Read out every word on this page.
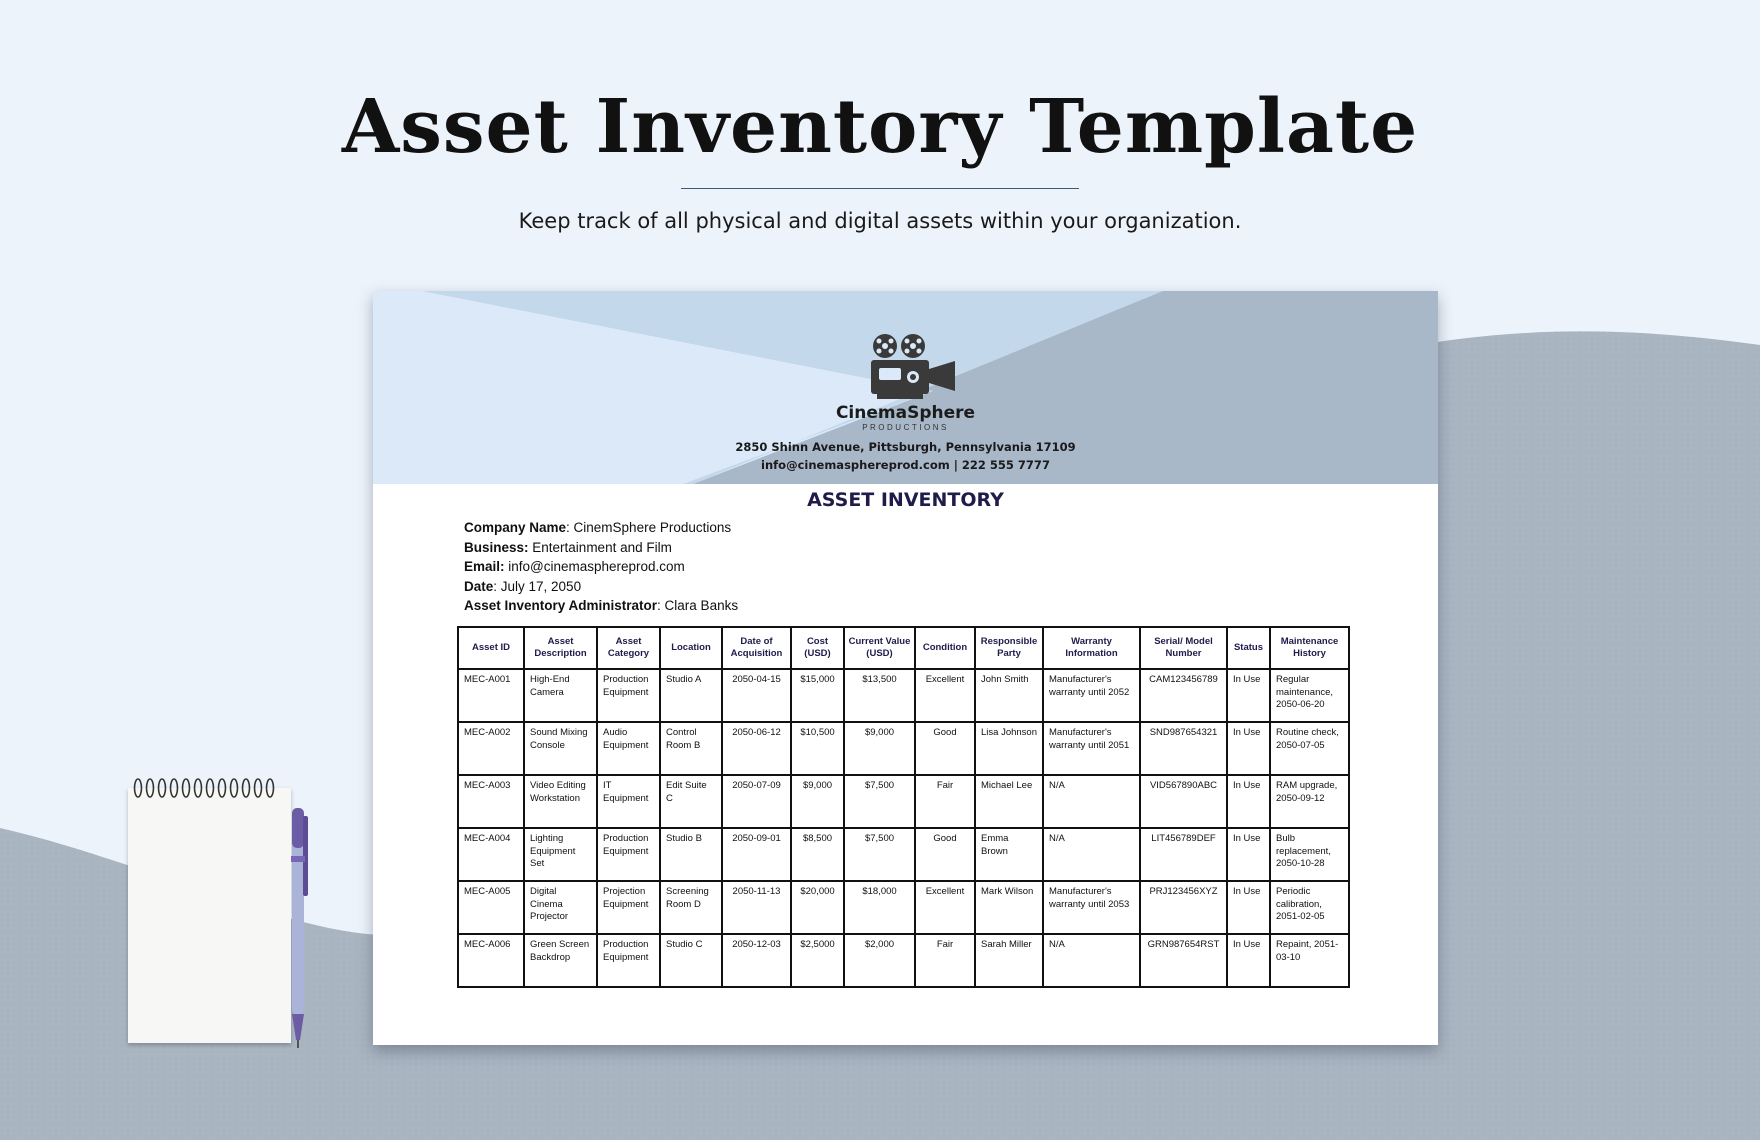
Asset Inventory Template
Keep track of all physical and digital assets within your organization.
CinemaSphere
PRODUCTIONS
2850 Shinn Avenue, Pittsburgh, Pennsylvania 17109
info@cinemasphereprod.com | 222 555 7777
ASSET INVENTORY
Company Name: CinemSphere Productions
Business: Entertainment and Film
Email: info@cinemasphereprod.com
Date: July 17, 2050
Asset Inventory Administrator: Clara Banks
Asset ID	Asset Description	Asset Category	Location	Date of Acquisition	Cost (USD)	Current Value (USD)	Condition	Responsible Party	Warranty Information	Serial/ Model Number	Status	Maintenance History
MEC-A001	High-End Camera	Production Equipment	Studio A	2050-04-15	$15,000	$13,500	Excellent	John Smith	Manufacturer's warranty until 2052	CAM123456789	In Use	Regular maintenance, 2050-06-20
MEC-A002	Sound Mixing Console	Audio Equipment	Control Room B	2050-06-12	$10,500	$9,000	Good	Lisa Johnson	Manufacturer's warranty until 2051	SND987654321	In Use	Routine check, 2050-07-05
MEC-A003	Video Editing Workstation	IT Equipment	Edit Suite C	2050-07-09	$9,000	$7,500	Fair	Michael Lee	N/A	VID567890ABC	In Use	RAM upgrade, 2050-09-12
MEC-A004	Lighting Equipment Set	Production Equipment	Studio B	2050-09-01	$8,500	$7,500	Good	Emma Brown	N/A	LIT456789DEF	In Use	Bulb replacement, 2050-10-28
MEC-A005	Digital Cinema Projector	Projection Equipment	Screening Room D	2050-11-13	$20,000	$18,000	Excellent	Mark Wilson	Manufacturer's warranty until 2053	PRJ123456XYZ	In Use	Periodic calibration, 2051-02-05
MEC-A006	Green Screen Backdrop	Production Equipment	Studio C	2050-12-03	$2,5000	$2,000	Fair	Sarah Miller	N/A	GRN987654RST	In Use	Repaint, 2051-03-10
